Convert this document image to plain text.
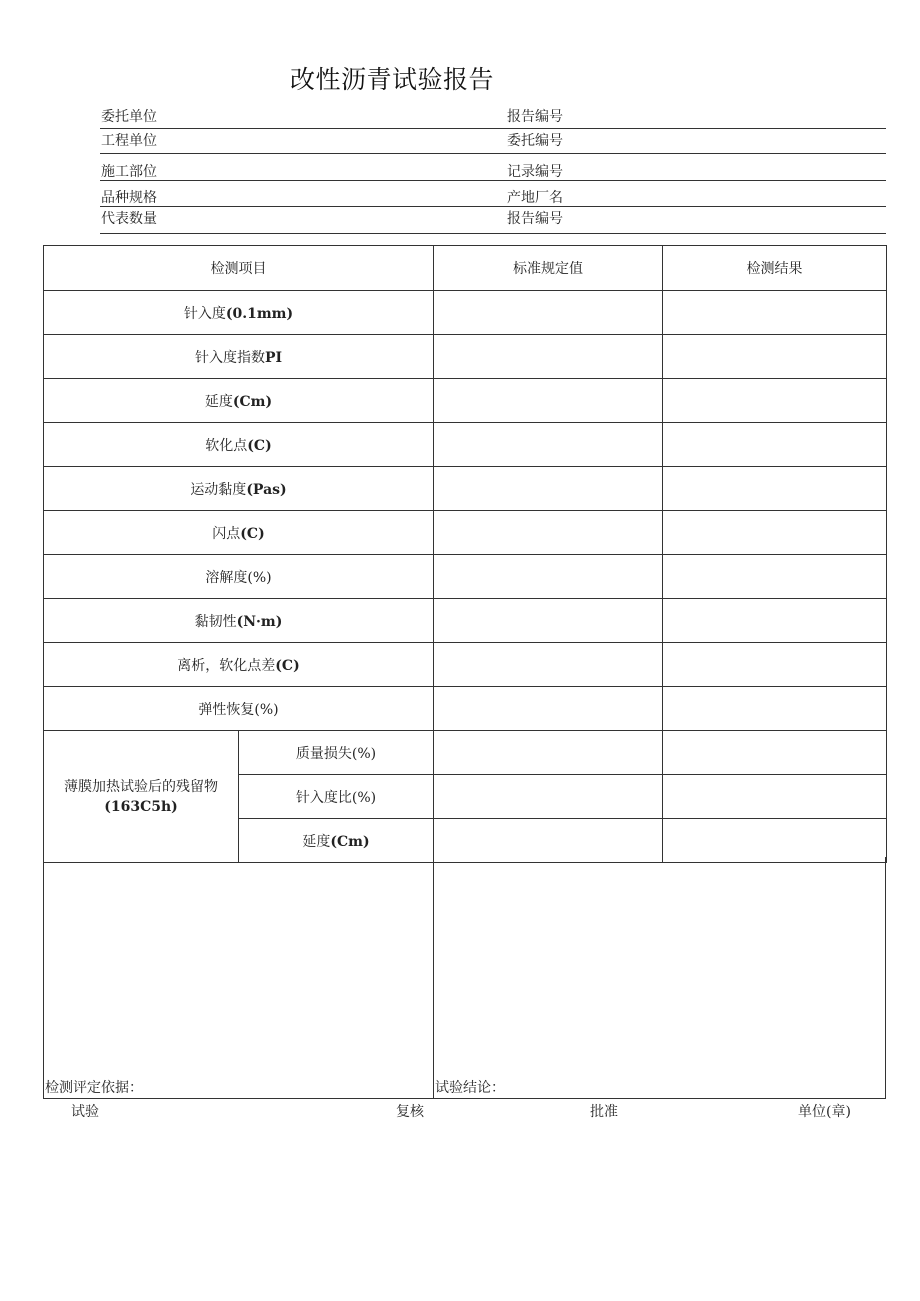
改性沥青试验报告
委托单位	报告编号
工程单位	委托编号
施工部位	记录编号
品种规格	产地厂名
代表数量	报告编号
检测项目		标准规定值	检测结果
针入度(0.1mm)			
针入度指数PI			
延度(Cm)			
软化点(C)			
运动黏度(Pas)			
闪点(C)			
溶解度(%)			
黏韧性(N·m)			
离析，软化点差(C)			
弹性恢复(%)			
薄膜加热试验后的残留物
(163C5h)	质量损失(%)		
	针入度比(%)		
	延度(Cm)		
检测评定依据：	试验结论：
试验	复核	批准	单位(章)
